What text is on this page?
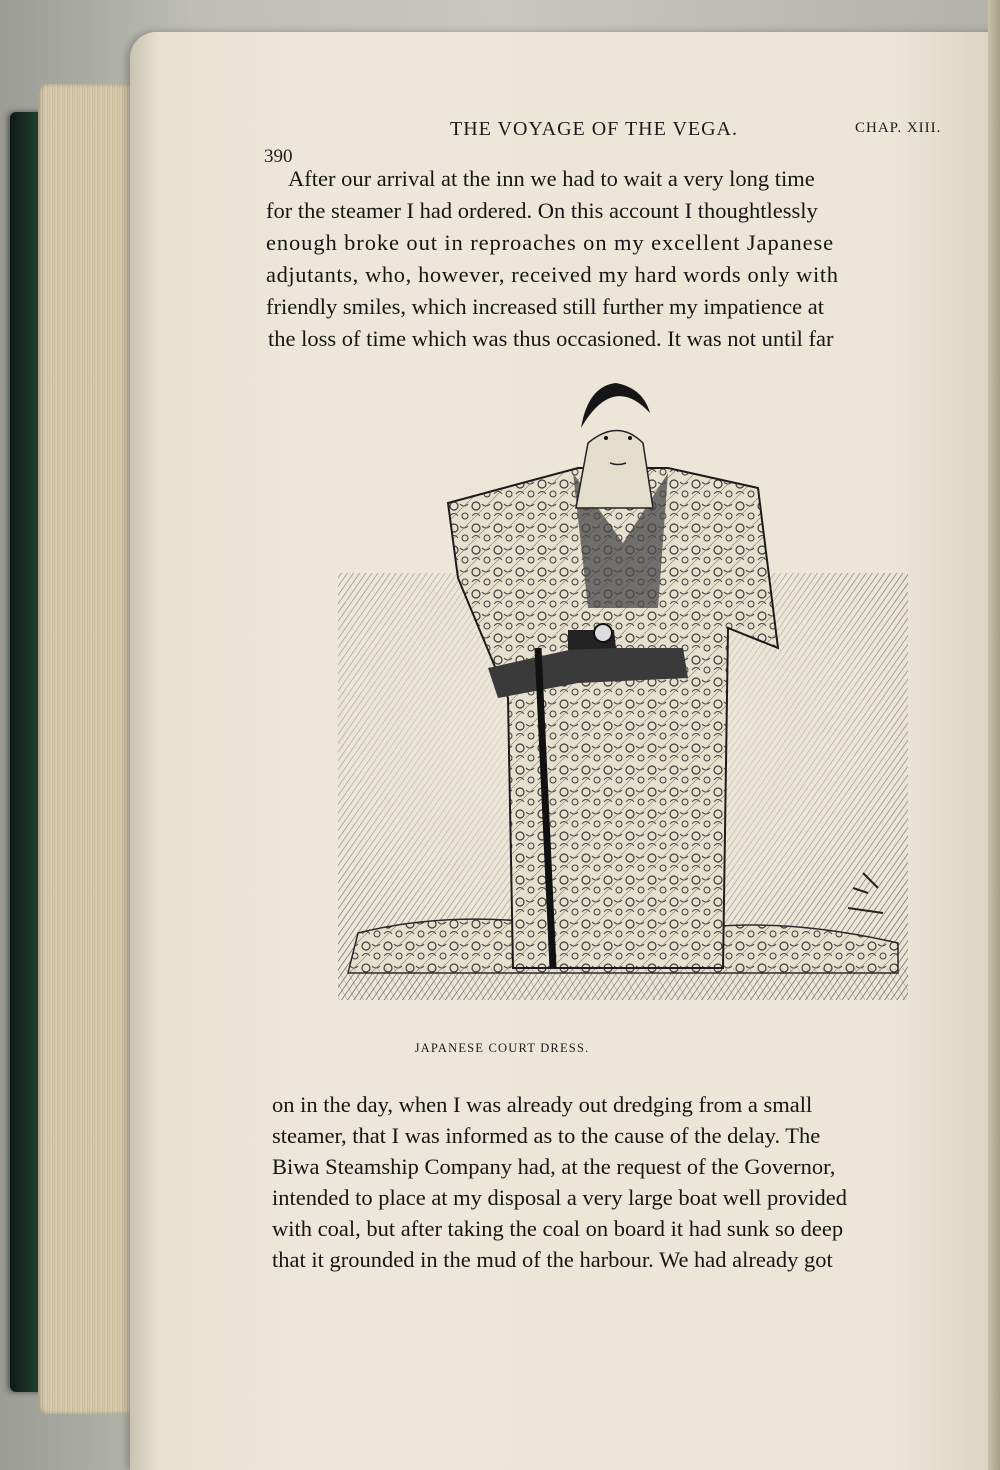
390
THE VOYAGE OF THE VEGA.	CHAP. XIII.
After our arrival at the inn we had to wait a very long time
for the steamer I had ordered. On this account I thoughtlessly
enough broke out in reproaches on my excellent Japanese
adjutants, who, however, received my hard words only with
friendly smiles, which increased still further my impatience at
the loss of time which was thus occasioned. It was not until far
JAPANESE COURT DRESS.
on in the day, when I was already out dredging from a small
steamer, that I was informed as to the cause of the delay. The
Biwa Steamship Company had, at the request of the Governor,
intended to place at my disposal a very large boat well provided
with coal, but after taking the coal on board it had sunk so deep
that it grounded in the mud of the harbour. We had already got
